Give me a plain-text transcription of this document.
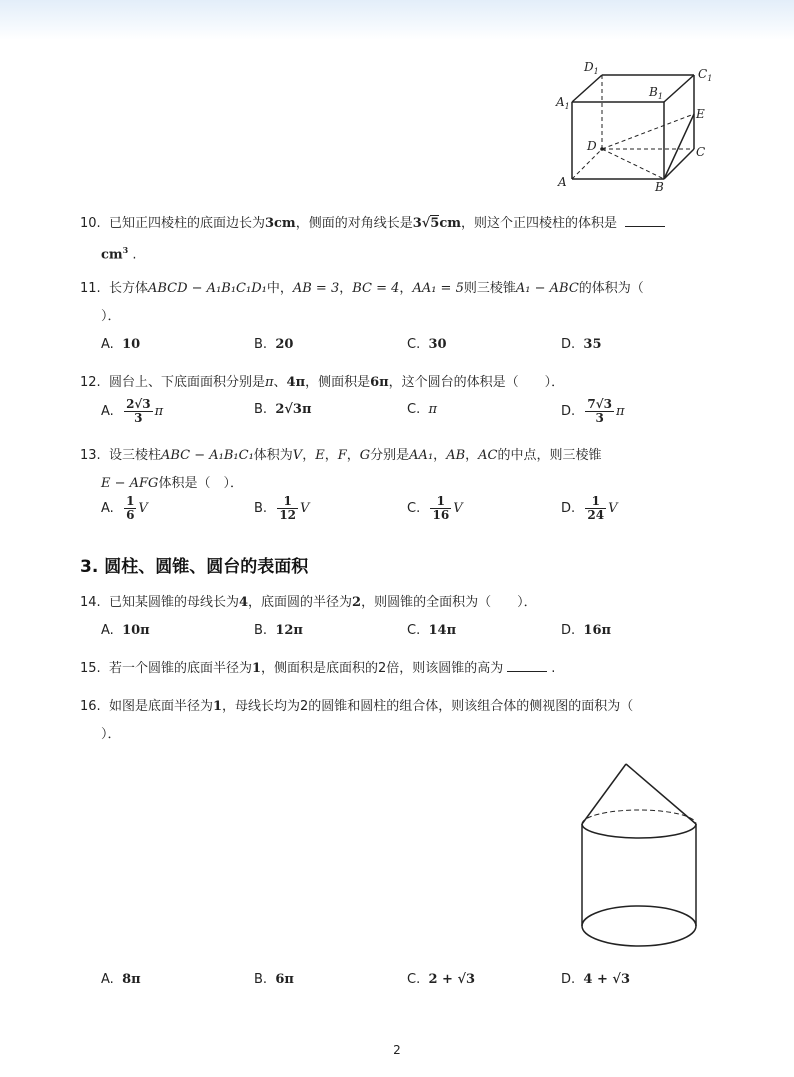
$D_1$	$C_1$
$A_1$
$B_1$
E
D	C
A	B
10. 已知正四棱柱的底面边长为3cm，侧面的对角线长是3√5cm，则这个正四棱柱的体积是
$cm^3$ .
11. 长方体ABCD − A₁B₁C₁D₁中，AB = 3，BC = 4，AA₁ = 5则三棱锥A₁ − ABC的体积为（
）．
A. 10	B. 20	C. 30	D. 35
12. 圆台上、下底面面积分别是π、4π，侧面积是6π，这个圆台的体积是（　　）．
A. $\frac{2√3}{3}$ π	B. 2√3π	C. π	D. $\frac{7√3}{3}$ π
13. 设三棱柱ABC − A₁B₁C₁体积为V，E，F，G分别是AA₁，AB，AC的中点，则三棱锥
E − AFG体积是（　）．
A. $\frac{1}{6}$ V	B. $\frac{1}{12}$ V	C. $\frac{1}{16}$ V	D. $\frac{1}{24}$ V
3. 圆柱、圆锥、圆台的表面积
14. 已知某圆锥的母线长为4，底面圆的半径为2，则圆锥的全面积为（　　）．
A. 10π	B. 12π	C. 14π	D. 16π
15. 若一个圆锥的底面半径为1，侧面积是底面积的2倍，则该圆锥的高为	.
16. 如图是底面半径为1，母线长均为2的圆锥和圆柱的组合体，则该组合体的侧视图的面积为（
）．
A. 8π	B. 6π	C. 2 + √3	D. 4 + √3
2
